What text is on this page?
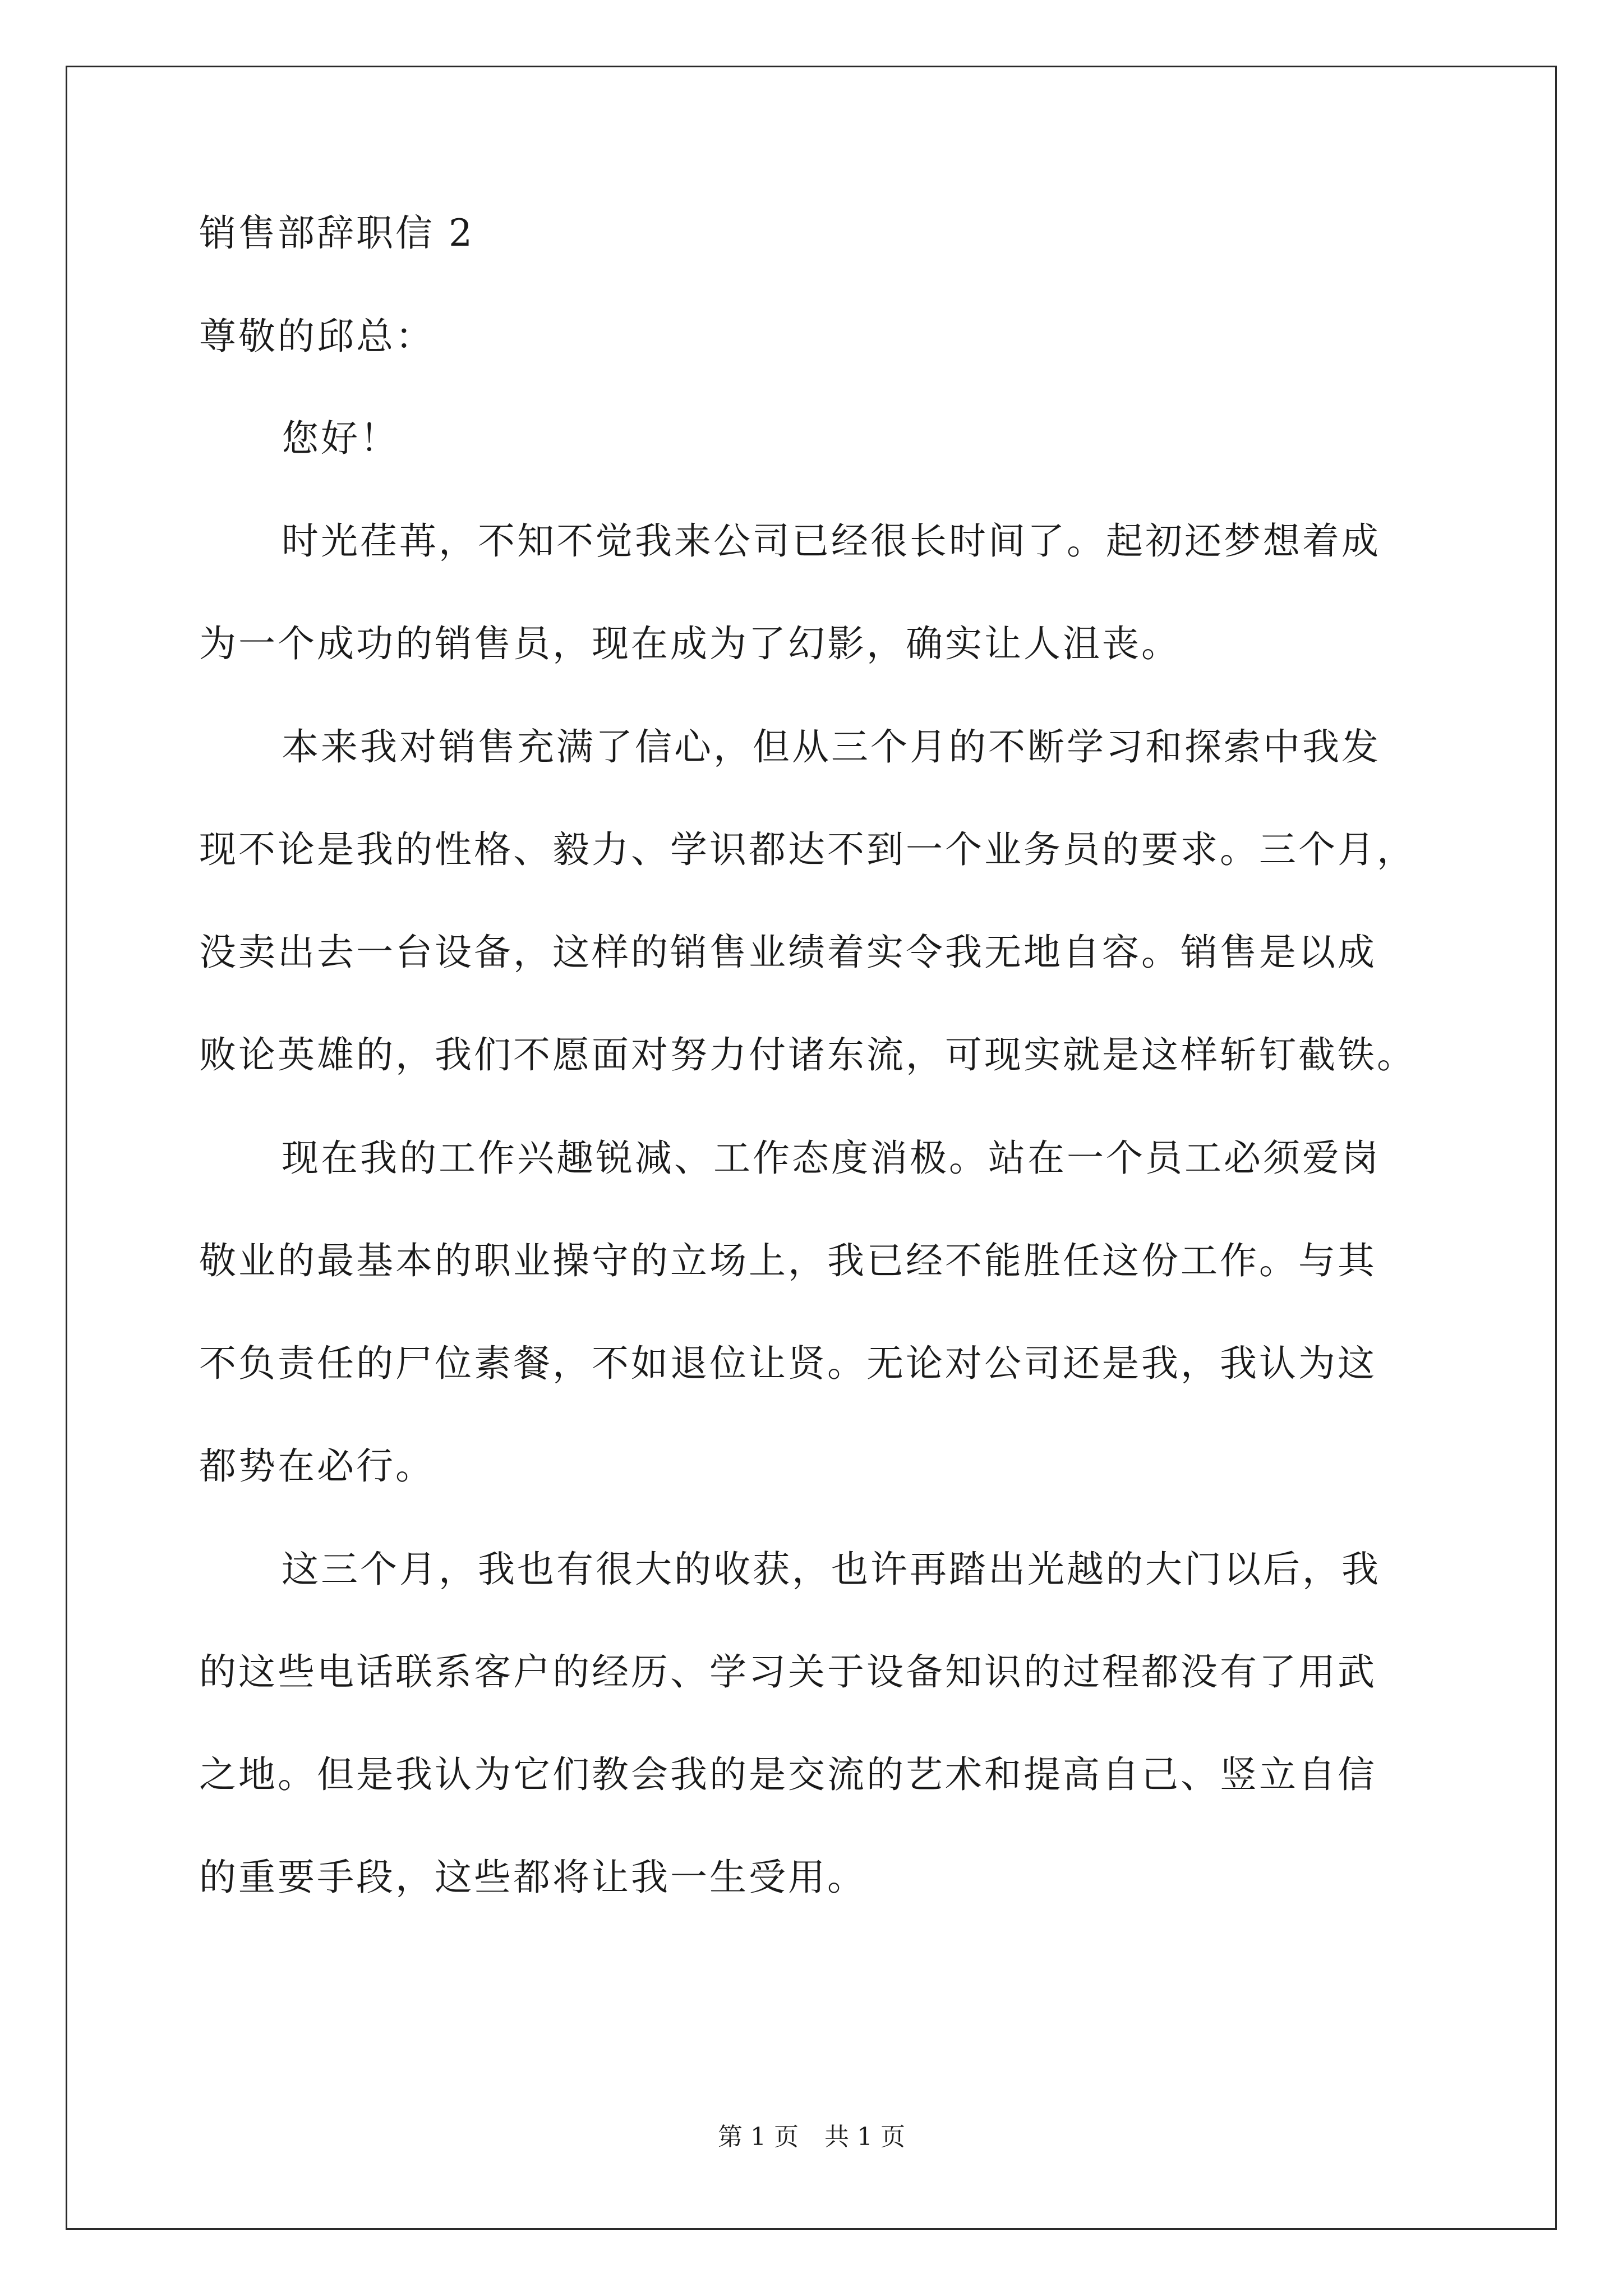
销售部辞职信 2
尊敬的邱总：
您好！
时光荏苒，不知不觉我来公司已经很长时间了。起初还梦想着成
为一个成功的销售员，现在成为了幻影，确实让人沮丧。
本来我对销售充满了信心，但从三个月的不断学习和探索中我发
现不论是我的性格、毅力、学识都达不到一个业务员的要求。三个月，
没卖出去一台设备，这样的销售业绩着实令我无地自容。销售是以成
败论英雄的，我们不愿面对努力付诸东流，可现实就是这样斩钉截铁。
现在我的工作兴趣锐减、工作态度消极。站在一个员工必须爱岗
敬业的最基本的职业操守的立场上，我已经不能胜任这份工作。与其
不负责任的尸位素餐，不如退位让贤。无论对公司还是我，我认为这
都势在必行。
这三个月，我也有很大的收获，也许再踏出光越的大门以后，我
的这些电话联系客户的经历、学习关于设备知识的过程都没有了用武
之地。但是我认为它们教会我的是交流的艺术和提高自己、竖立自信
的重要手段，这些都将让我一生受用。
第 1 页 共 1 页
